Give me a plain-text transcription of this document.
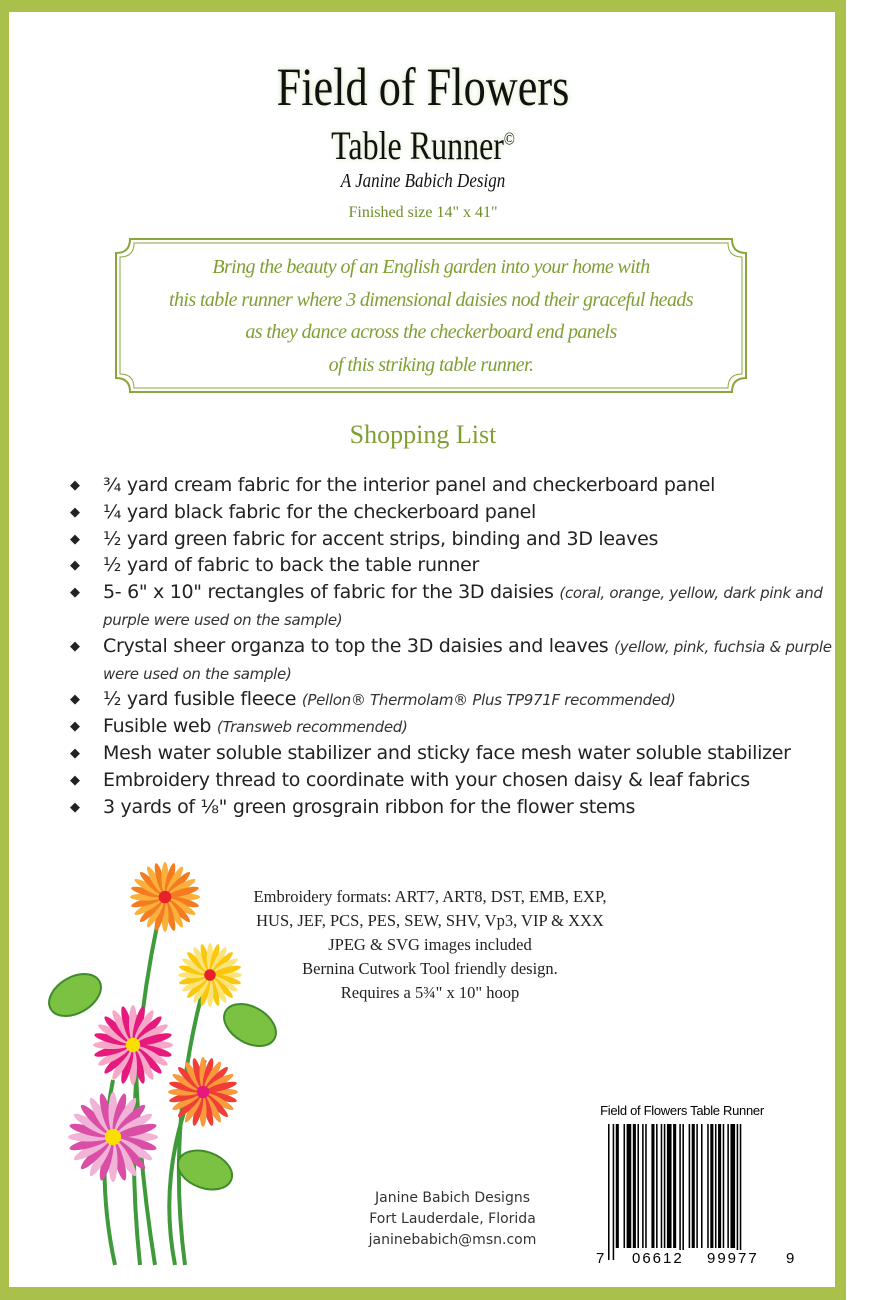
Field of Flowers
Table Runner©
A Janine Babich Design
Finished size 14" x 41"
Bring the beauty of an English garden into your home with
this table runner where 3 dimensional daisies nod their graceful heads
as they dance across the checkerboard end panels
of this striking table runner.
Shopping List
◆ ¾ yard cream fabric for the interior panel and checkerboard panel
◆ ¼ yard black fabric for the checkerboard panel
◆ ½ yard green fabric for accent strips, binding and 3D leaves
◆ ½ yard of fabric to back the table runner
◆ 5- 6" x 10" rectangles of fabric for the 3D daisies (coral, orange, yellow, dark pink and purple were used on the sample)
◆ Crystal sheer organza to top the 3D daisies and leaves (yellow, pink, fuchsia & purple were used on the sample)
◆ ½ yard fusible fleece (Pellon® Thermolam® Plus TP971F recommended)
◆ Fusible web (Transweb recommended)
◆ Mesh water soluble stabilizer and sticky face mesh water soluble stabilizer
◆ Embroidery thread to coordinate with your chosen daisy & leaf fabrics
◆ 3 yards of ⅛" green grosgrain ribbon for the flower stems
Embroidery formats: ART7, ART8, DST, EMB, EXP,
HUS, JEF, PCS, PES, SEW, SHV, Vp3, VIP & XXX
JPEG & SVG images included
Bernina Cutwork Tool friendly design.
Requires a 5¾" x 10" hoop
Janine Babich Designs
Fort Lauderdale, Florida
janinebabich@msn.com
Field of Flowers Table Runner
7 06612 99977 9
